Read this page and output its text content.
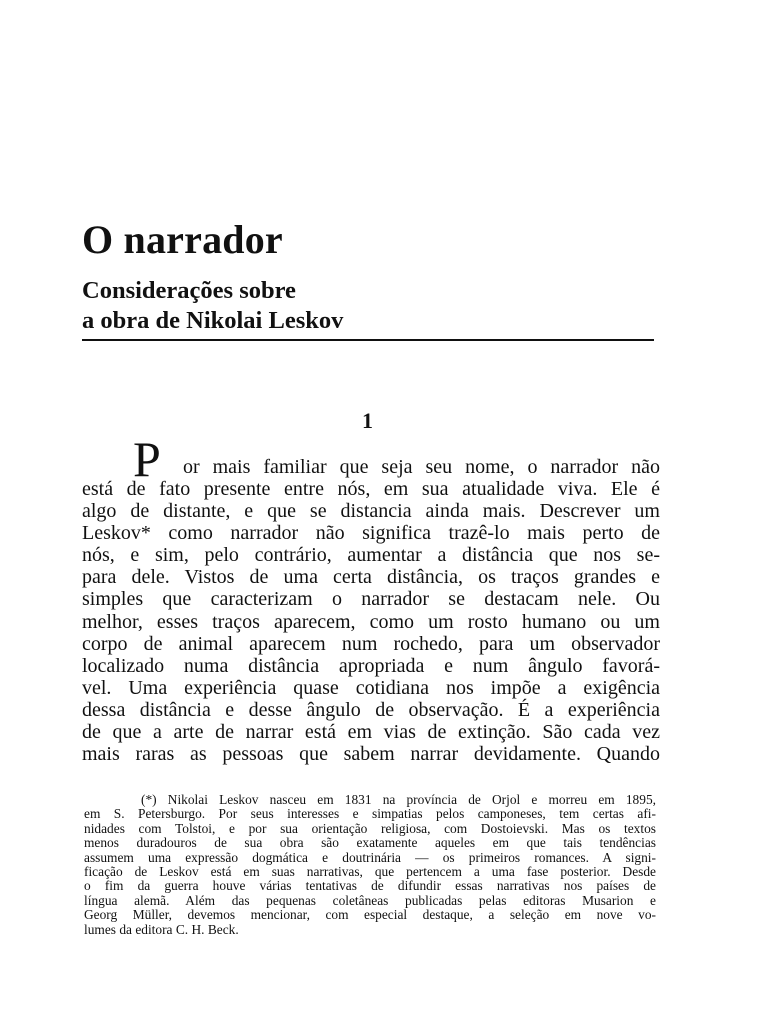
O narrador
Considerações sobre
a obra de Nikolai Leskov
1
P or mais familiar que seja seu nome, o narrador não
está de fato presente entre nós, em sua atualidade viva. Ele é
algo de distante, e que se distancia ainda mais. Descrever um
Leskov* como narrador não significa trazê-lo mais perto de
nós, e sim, pelo contrário, aumentar a distância que nos se-
para dele. Vistos de uma certa distância, os traços grandes e
simples que caracterizam o narrador se destacam nele. Ou
melhor, esses traços aparecem, como um rosto humano ou um
corpo de animal aparecem num rochedo, para um observador
localizado numa distância apropriada e num ângulo favorá-
vel. Uma experiência quase cotidiana nos impõe a exigência
dessa distância e desse ângulo de observação. É a experiência
de que a arte de narrar está em vias de extinção. São cada vez
mais raras as pessoas que sabem narrar devidamente. Quando
(*) Nikolai Leskov nasceu em 1831 na província de Orjol e morreu em 1895,
em S. Petersburgo. Por seus interesses e simpatias pelos camponeses, tem certas afi-
nidades com Tolstoi, e por sua orientação religiosa, com Dostoievski. Mas os textos
menos duradouros de sua obra são exatamente aqueles em que tais tendências
assumem uma expressão dogmática e doutrinária — os primeiros romances. A signi-
ficação de Leskov está em suas narrativas, que pertencem a uma fase posterior. Desde
o fim da guerra houve várias tentativas de difundir essas narrativas nos países de
língua alemã. Além das pequenas coletâneas publicadas pelas editoras Musarion e
Georg Müller, devemos mencionar, com especial destaque, a seleção em nove vo-
lumes da editora C. H. Beck.
